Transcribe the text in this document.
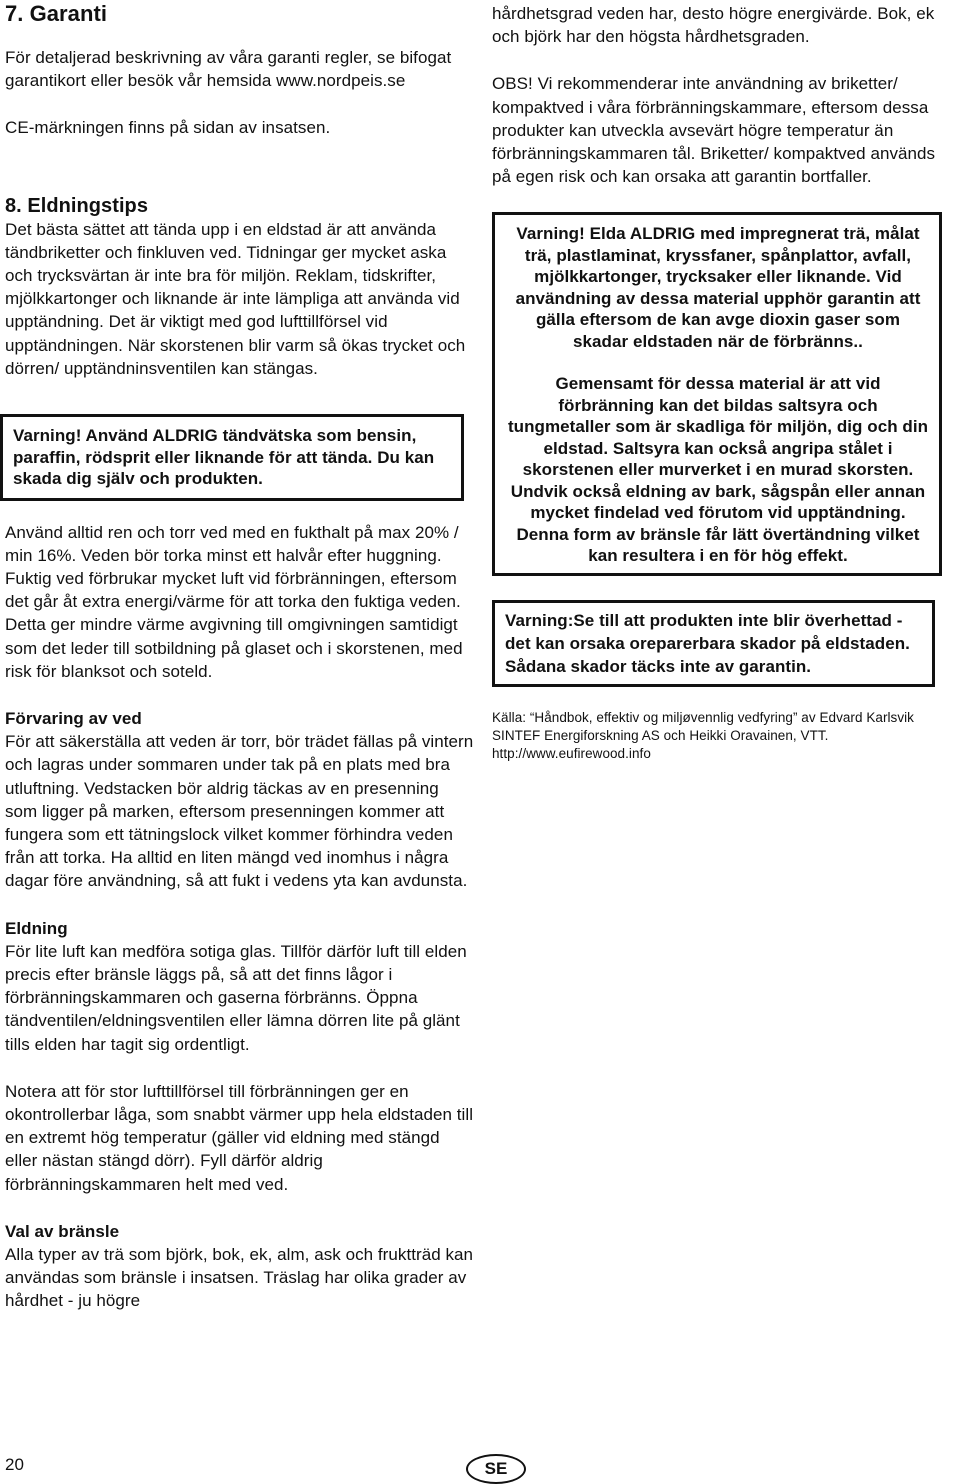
7. Garanti

För detaljerad beskrivning av våra garanti regler, se bifogat garantikort eller besök vår hemsida www.nordpeis.se

CE-märkningen finns på sidan av insatsen.

8. Eldningstips

Det bästa sättet att tända upp i en eldstad är att använda tändbriketter och finkluven ved. Tidningar ger mycket aska och trycksvärtan är inte bra för miljön. Reklam, tidskrifter, mjölkkartonger och liknande är inte lämpliga att använda vid upptändning. Det är viktigt med god lufttillförsel vid upptändningen. När skorstenen blir varm så ökas trycket och dörren/ upptändninsventilen kan stängas.

Varning! Använd ALDRIG tändvätska som bensin, paraffin, rödsprit eller liknande för att tända. Du kan skada dig själv och produkten.

Använd alltid ren och torr ved med en fukthalt på max 20% / min 16%. Veden bör torka minst ett halvår efter huggning. Fuktig ved förbrukar mycket luft vid förbränningen, eftersom det går åt extra energi/värme för att torka den fuktiga veden. Detta ger mindre värme avgivning till omgivningen samtidigt som det leder till sotbildning på glaset och i skorstenen, med risk för blanksot och soteld.

Förvaring av ved

För att säkerställa att veden är torr, bör trädet fällas på vintern och lagras under sommaren under tak på en plats med bra utluftning. Vedstacken bör aldrig täckas av en presenning som ligger på marken, eftersom presenningen kommer att fungera som ett tätningslock vilket kommer förhindra veden från att torka. Ha alltid en liten mängd ved inomhus i några dagar före användning, så att fukt i vedens yta kan avdunsta.

Eldning

För lite luft kan medföra sotiga glas. Tillför därför luft till elden precis efter bränsle läggs på, så att det finns lågor i förbränningskammaren och gaserna förbränns. Öppna tändventilen/eldningsventilen eller lämna dörren lite på glänt tills elden har tagit sig ordentligt.

Notera att för stor lufttillförsel till förbränningen ger en okontrollerbar låga, som snabbt värmer upp hela eldstaden till en extremt hög temperatur (gäller vid eldning med stängd eller nästan stängd dörr). Fyll därför aldrig förbränningskammaren helt med ved.

Val av bränsle

Alla typer av trä som björk, bok, ek, alm, ask och fruktträd kan användas som bränsle i insatsen. Träslag har olika grader av hårdhet - ju högre

hårdhetsgrad veden har, desto högre energivärde. Bok, ek och björk har den högsta hårdhetsgraden.

OBS! Vi rekommenderar inte användning av briketter/ kompaktved i våra förbränningskammare, eftersom dessa produkter kan utveckla avsevärt högre temperatur än förbränningskammaren tål. Briketter/ kompaktved används på egen risk och kan orsaka att garantin bortfaller.

Varning! Elda ALDRIG med impregnerat trä, målat trä, plastlaminat, kryssfaner, spånplattor, avfall, mjölkkartonger, trycksaker eller liknande. Vid användning av dessa material upphör garantin att gälla eftersom de kan avge dioxin gaser som skadar eldstaden när de förbränns..

Gemensamt för dessa material är att vid förbränning kan det bildas saltsyra och tungmetaller som är skadliga för miljön, dig och din eldstad. Saltsyra kan också angripa stålet i skorstenen eller murverket i en murad skorsten. Undvik också eldning av bark, sågspån eller annan mycket findelad ved förutom vid upptändning. Denna form av bränsle får lätt övertändning vilket kan resultera i en för hög effekt.

Varning:Se till att produkten inte blir överhettad - det kan orsaka oreparerbara skador på eldstaden. Sådana skador täcks inte av garantin.

Källa: “Håndbok, effektiv og miljøvennlig vedfyring” av Edvard Karlsvik SINTEF Energiforskning AS och Heikki Oravainen, VTT. http://www.eufirewood.info

20	SE
